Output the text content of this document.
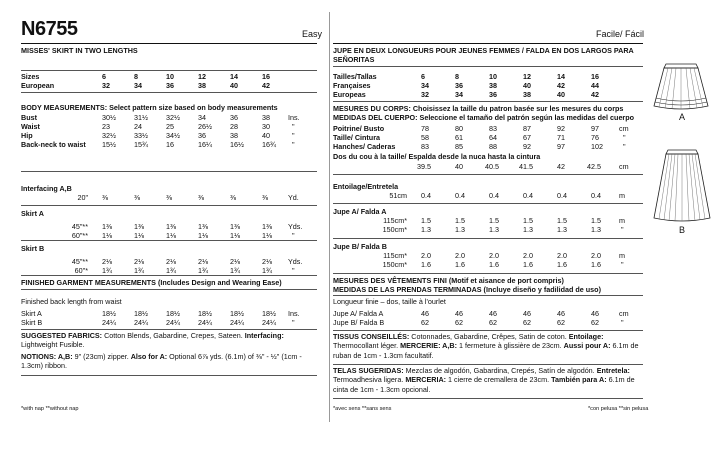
N6755	Easy
MISSES' SKIRT IN TWO LENGTHS
Sizes	6	8	10	12	14	16
European	32	34	36	38	40	42
BODY MEASUREMENTS: Select pattern size based on body measurements
Bust	30½	31½	32½	34	36	38	Ins.
Waist	23	24	25	26½	28	30	"
Hip	32½	33½	34½	36	38	40	"
Back-neck to waist	15½	15¾	16	16¼	16½	16¾	"
Interfacing A,B
20"	⅜	⅜	⅜	⅜	⅜	⅜	Yd.
Skirt A							

45"**	1⅜	1⅜	1⅜	1⅜	1⅜	1⅜	Yds.
60"**	1⅛	1⅛	1⅛	1⅛	1⅛	1⅛	"
Skirt B							

45"**	2⅛	2⅛	2⅛	2⅛	2⅛	2⅛	Yds.
60"*	1¾	1¾	1¾	1¾	1¾	1¾	"
FINISHED GARMENT MEASUREMENTS (Includes Design and Wearing Ease)
Finished back length from waist
Skirt A	18½	18½	18½	18½	18½	18½	Ins.
Skirt B	24¼	24¼	24¼	24¼	24¼	24¼	"
SUGGESTED FABRICS: Cotton Blends, Gabardine, Crepes, Sateen. Interfacing: Lightweight Fusible.
NOTIONS: A,B: 9" (23cm) zipper. Also for A: Optional 6⅞ yds. (6.1m) of ⅜" - ½" (1cm - 1.3cm) ribbon.
*with nap **without nap
Facile/ Fácil
JUPE EN DEUX LONGUEURS POUR JEUNES FEMMES / FALDA EN DOS LARGOS PARA
SEÑORITAS
Tailles/Tallas	6	8	10	12	14	16
Françaises	34	36	38	40	42	44
Europeas	32	34	36	38	40	42
MESURES DU CORPS: Choisissez la taille du patron basée sur les mesures du corps
MEDIDAS DEL CUERPO: Seleccione el tamaño del patrón según las medidas del cuerpo
Poitrine/ Busto	78	80	83	87	92	97	cm
Taille/ Cintura	58	61	64	67	71	76	"
Hanches/ Caderas	83	85	88	92	97	102	"
Dos du cou à la taille/ Espalda desde la nuca hasta la cintura
	39.5	40	40.5	41.5	42	42.5	cm
Entoilage/Entretela
51cm	0.4	0.4	0.4	0.4	0.4	0.4	m
Jupe A/ Falda A							
115cm*	1.5	1.5	1.5	1.5	1.5	1.5	m
150cm*	1.3	1.3	1.3	1.3	1.3	1.3	"
Jupe B/ Falda B							
115cm*	2.0	2.0	2.0	2.0	2.0	2.0	m
150cm*	1.6	1.6	1.6	1.6	1.6	1.6	"
MESURES DES VÊTEMENTS FINI (Motif et aisance de port compris)
MEDIDAS DE LAS PRENDAS TERMINADAS (Incluye diseño y fadilidad de uso)
Longueur finie – dos, taille à l'ourlet
Jupe A/ Falda A	46	46	46	46	46	46	cm
Jupe B/ Falda B	62	62	62	62	62	62	"
TISSUS CONSEILLÉS: Cotonnades, Gabardine, Crêpes, Satin de coton. Entoilage: Thermocollant léger. MERCERIE: A,B: 1 fermeture à glissière de 23cm. Aussi pour A: 6.1m de ruban de 1cm - 1.3cm facultatif.
TELAS SUGERIDAS: Mezclas de algodón, Gabardina, Crepés, Satín de algodón. Entretela: Termoadhesiva ligera. MERCERIA: 1 cierre de cremallera de 23cm. También para A: 6.1m de cinta de 1cm - 1.3cm opcional.
*avec sens **sans sens	*con pelusa **sin pelusa
A
B
